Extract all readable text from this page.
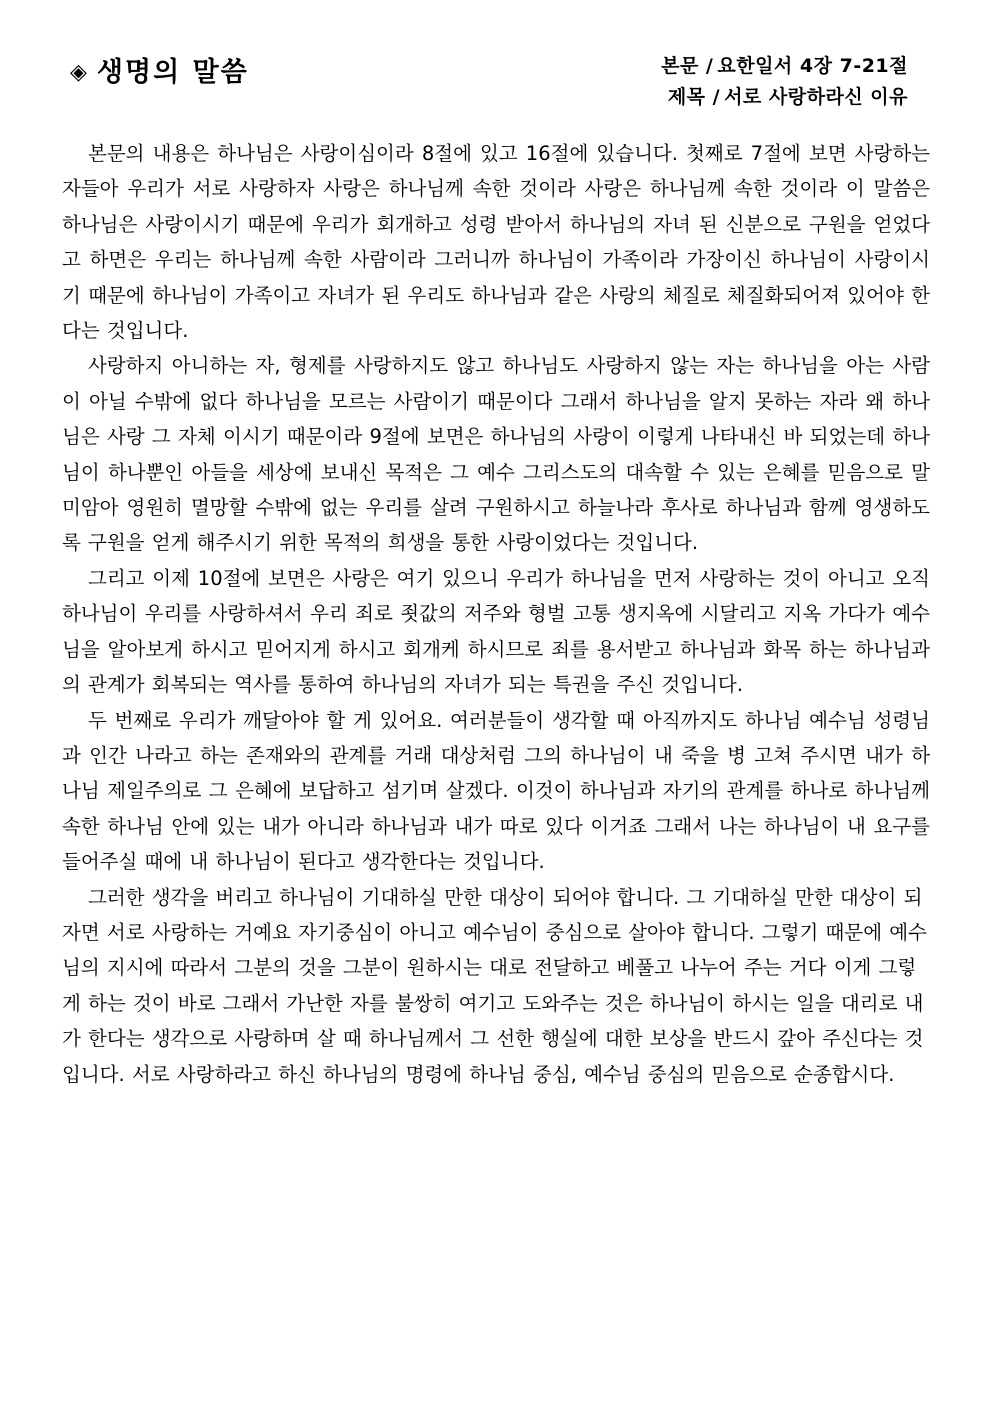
◈ 생명의 말씀	본문 / 요한일서 4장 7-21절
제목 / 서로 사랑하라신 이유

본문의 내용은 하나님은 사랑이심이라 8절에 있고 16절에 있습니다. 첫째로 7절에 보면 사랑하는 자들아 우리가 서로 사랑하자 사랑은 하나님께 속한 것이라 사랑은 하나님께 속한 것이라 이 말씀은 하나님은 사랑이시기 때문에 우리가 회개하고 성령 받아서 하나님의 자녀 된 신분으로 구원을 얻었다고 하면은 우리는 하나님께 속한 사람이라 그러니까 하나님이 가족이라 가장이신 하나님이 사랑이시기 때문에 하나님이 가족이고 자녀가 된 우리도 하나님과 같은 사랑의 체질로 체질화되어져 있어야 한다는 것입니다.

사랑하지 아니하는 자, 형제를 사랑하지도 않고 하나님도 사랑하지 않는 자는 하나님을 아는 사람이 아닐 수밖에 없다 하나님을 모르는 사람이기 때문이다 그래서 하나님을 알지 못하는 자라 왜 하나님은 사랑 그 자체 이시기 때문이라 9절에 보면은 하나님의 사랑이 이렇게 나타내신 바 되었는데 하나님이 하나뿐인 아들을 세상에 보내신 목적은 그 예수 그리스도의 대속할 수 있는 은혜를 믿음으로 말미암아 영원히 멸망할 수밖에 없는 우리를 살려 구원하시고 하늘나라 후사로 하나님과 함께 영생하도록 구원을 얻게 해주시기 위한 목적의 희생을 통한 사랑이었다는 것입니다.

그리고 이제 10절에 보면은 사랑은 여기 있으니 우리가 하나님을 먼저 사랑하는 것이 아니고 오직 하나님이 우리를 사랑하셔서 우리 죄로 죗값의 저주와 형벌 고통 생지옥에 시달리고 지옥 가다가 예수님을 알아보게 하시고 믿어지게 하시고 회개케 하시므로 죄를 용서받고 하나님과 화목 하는 하나님과의 관계가 회복되는 역사를 통하여 하나님의 자녀가 되는 특권을 주신 것입니다.

두 번째로 우리가 깨달아야 할 게 있어요. 여러분들이 생각할 때 아직까지도 하나님 예수님 성령님과 인간 나라고 하는 존재와의 관계를 거래 대상처럼 그의 하나님이 내 죽을 병 고쳐 주시면 내가 하나님 제일주의로 그 은혜에 보답하고 섬기며 살겠다. 이것이 하나님과 자기의 관계를 하나로 하나님께 속한 하나님 안에 있는 내가 아니라 하나님과 내가 따로 있다 이거죠 그래서 나는 하나님이 내 요구를 들어주실 때에 내 하나님이 된다고 생각한다는 것입니다.

그러한 생각을 버리고 하나님이 기대하실 만한 대상이 되어야 합니다. 그 기대하실 만한 대상이 되자면 서로 사랑하는 거예요 자기중심이 아니고 예수님이 중심으로 살아야 합니다. 그렇기 때문에 예수님의 지시에 따라서 그분의 것을 그분이 원하시는 대로 전달하고 베풀고 나누어 주는 거다 이게 그렇게 하는 것이 바로 그래서 가난한 자를 불쌍히 여기고 도와주는 것은 하나님이 하시는 일을 대리로 내가 한다는 생각으로 사랑하며 살 때 하나님께서 그 선한 행실에 대한 보상을 반드시 갚아 주신다는 것입니다. 서로 사랑하라고 하신 하나님의 명령에 하나님 중심, 예수님 중심의 믿음으로 순종합시다.
